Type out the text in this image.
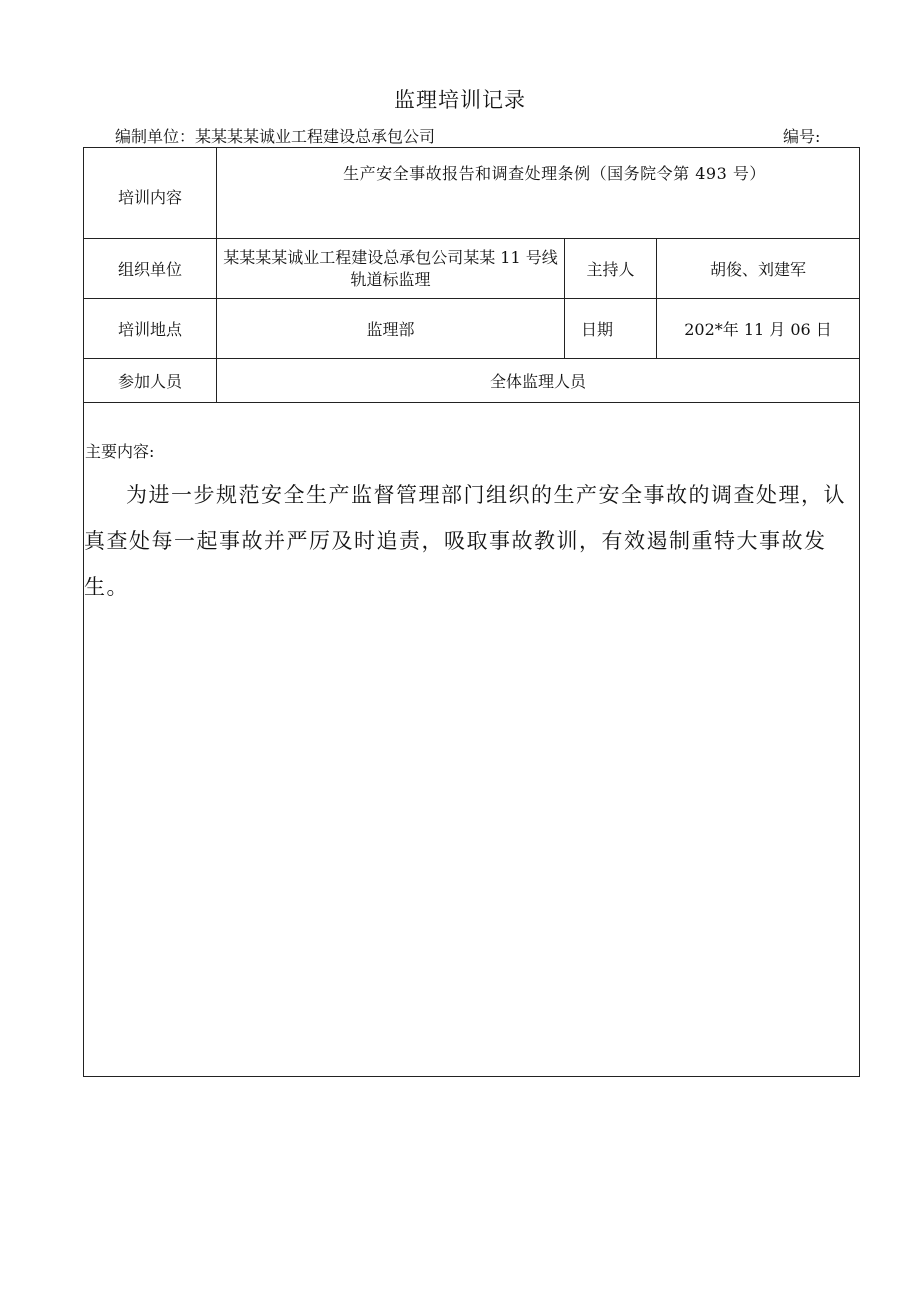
监理培训记录
编制单位：某某某某诚业工程建设总承包公司	编号:
培训内容	生产安全事故报告和调查处理条例（国务院令第 493 号）		
组织单位	某某某某诚业工程建设总承包公司某某 11 号线轨道标监理	主持人	胡俊、刘建军
培训地点	监理部	日期	202*年 11 月 06 日
参加人员	全体监理人员		

主要内容:
为进一步规范安全生产监督管理部门组织的生产安全事故的调查处理，认真查处每一起事故并严厉及时追责，吸取事故教训，有效遏制重特大事故发生。			
